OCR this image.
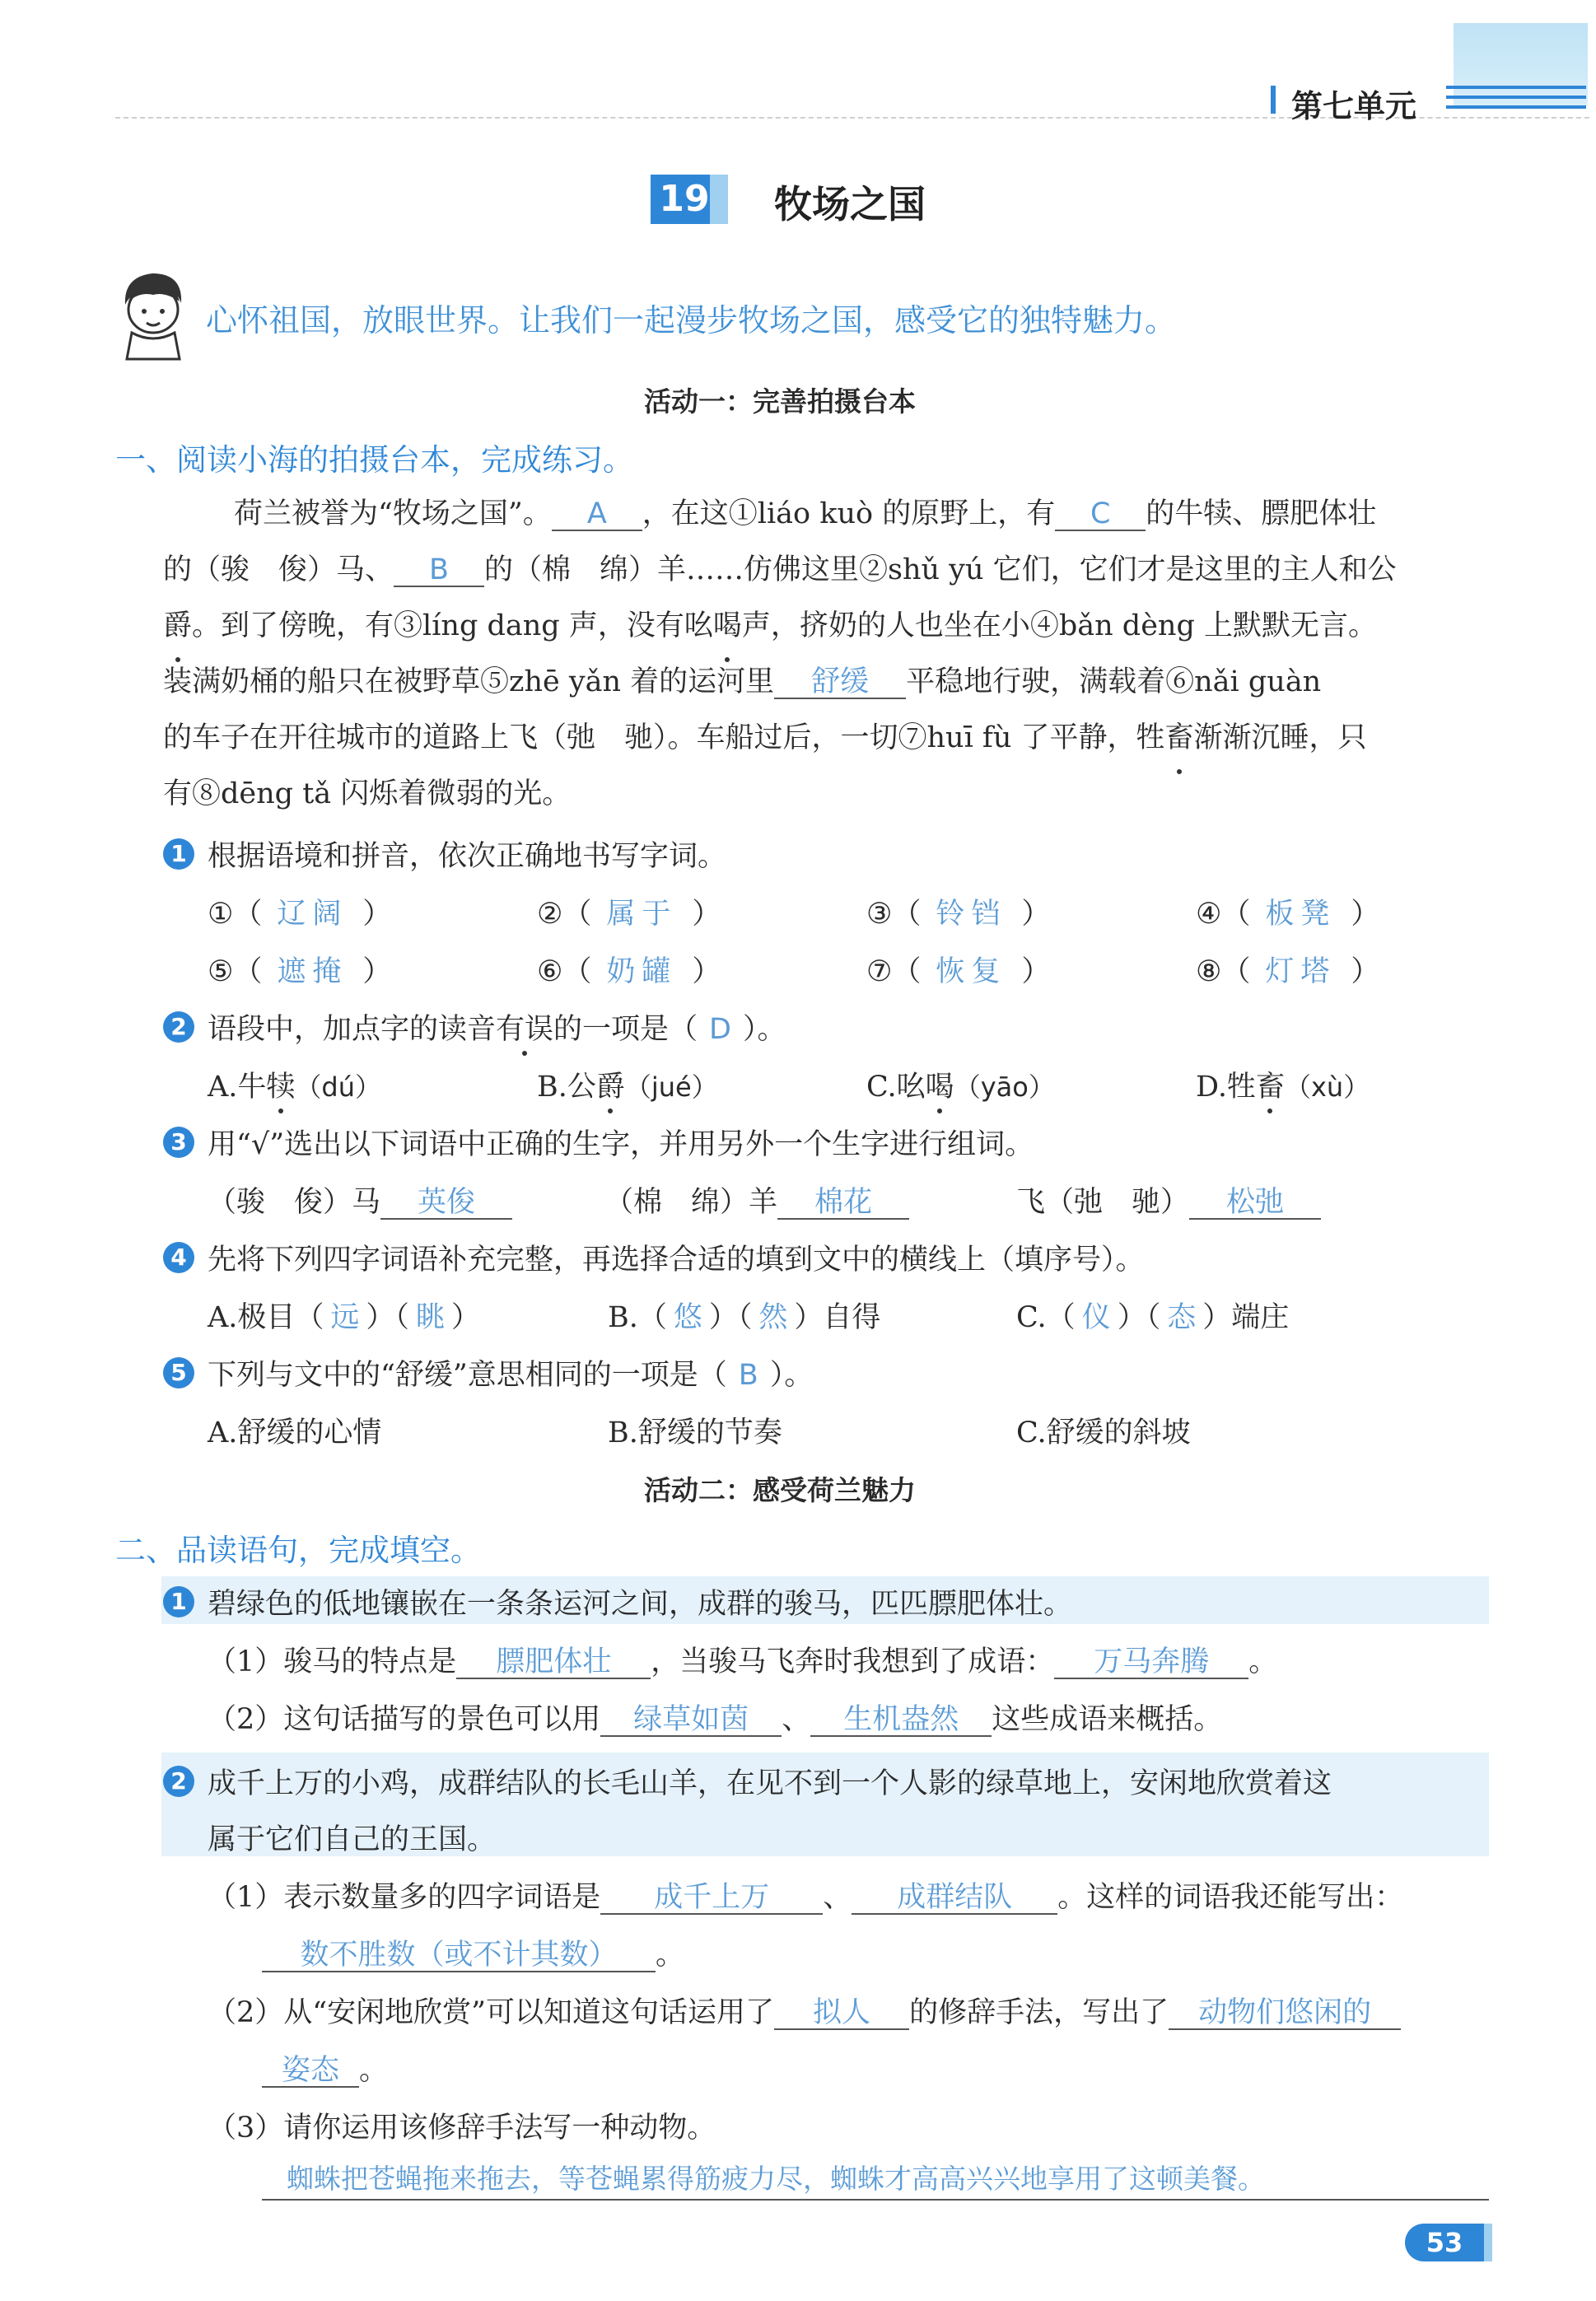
第七单元
19 牧场之国
心怀祖国，放眼世界。让我们一起漫步牧场之国，感受它的独特魅力。
活动一：完善拍摄台本
一、阅读小海的拍摄台本，完成练习。
荷兰被誉为“牧场之国”。 A ，在这①liáo kuò 的原野上，有 C 的牛犊、膘肥体壮
的（骏　俊）马、 B 的（棉　绵）羊……仿佛这里②shǔ yú 它们，它们才是这里的主人和公
爵。到了傍晚，有③líng dang 声，没有吆喝声，挤奶的人也坐在小④bǎn dèng 上默默无言。
装满奶桶的船只在被野草⑤zhē yǎn 着的运河里 舒缓 平稳地行驶，满载着⑥nǎi guàn
的车子在开往城市的道路上飞（弛　驰）。车船过后，一切⑦huī fù 了平静，牲畜渐渐沉睡，只
有⑧dēng tǎ 闪烁着微弱的光。
1 根据语境和拼音，依次正确地书写字词。
①（ 辽阔 ）	②（ 属于 ）	③（ 铃铛 ）	④（ 板凳 ）
⑤（ 遮掩 ）	⑥（ 奶罐 ）	⑦（ 恢复 ）	⑧（ 灯塔 ）
2 语段中，加点字的读音有误的一项是（ D ）。
A.牛犊（dú）	B.公爵（jué）	C.吆喝（yāo）	D.牲畜（xù）
3 用“√”选出以下词语中正确的生字，并用另外一个生字进行组词。
（骏　俊）马 英俊	（棉　绵）羊 棉花	飞（弛　驰） 松弛
4 先将下列四字词语补充完整，再选择合适的填到文中的横线上（填序号）。
A.极目（ 远 ）（ 眺 ）	B.（ 悠 ）（ 然 ）自得	C.（ 仪 ）（ 态 ）端庄
5 下列与文中的“舒缓”意思相同的一项是（ B ）。
A.舒缓的心情	B.舒缓的节奏	C.舒缓的斜坡
活动二：感受荷兰魅力
二、品读语句，完成填空。
1 碧绿色的低地镶嵌在一条条运河之间，成群的骏马，匹匹膘肥体壮。
（1）骏马的特点是 膘肥体壮 ，当骏马飞奔时我想到了成语： 万马奔腾 。
（2）这句话描写的景色可以用 绿草如茵 、 生机盎然 这些成语来概括。
2 成千上万的小鸡，成群结队的长毛山羊，在见不到一个人影的绿草地上，安闲地欣赏着这
属于它们自己的王国。
（1）表示数量多的四字词语是 成千上万 、 成群结队 。这样的词语我还能写出：
数不胜数（或不计其数） 。
（2）从“安闲地欣赏”可以知道这句话运用了 拟人 的修辞手法，写出了 动物们悠闲的
姿态 。
（3）请你运用该修辞手法写一种动物。
蜘蛛把苍蝇拖来拖去，等苍蝇累得筋疲力尽，蜘蛛才高高兴兴地享用了这顿美餐。
53
